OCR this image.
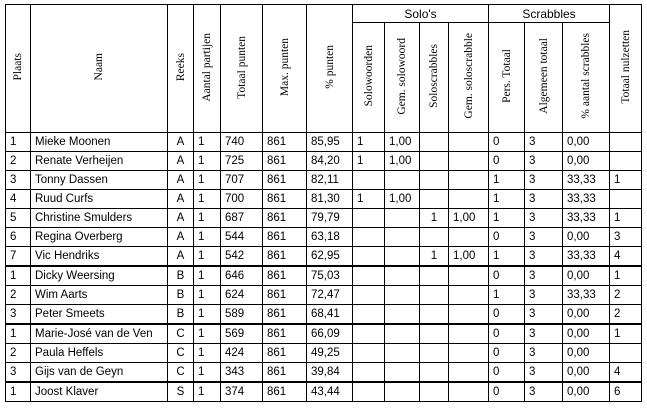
Plaats	Naam	Reeks	Aantal partijen	Totaal punten	Max. punten	% punten	Solo's				Scrabbles			Totaal nulzetten
							Solowoorden	Gem. solowoord	Soloscrabbles	Gem. soloscrabble	Pers. Totaal	Algemeen totaal	% aantal scrabbles	
1	Mieke Moonen	A	1	740	861	85,95	1	1,00			0	3	0,00	
2	Renate Verheijen	A	1	725	861	84,20	1	1,00			0	3	0,00	
3	Tonny Dassen	A	1	707	861	82,11					1	3	33,33	1
4	Ruud Curfs	A	1	700	861	81,30	1	1,00			1	3	33,33	
5	Christine Smulders	A	1	687	861	79,79			1	1,00	1	3	33,33	1
6	Regina Overberg	A	1	544	861	63,18					0	3	0,00	3
7	Vic Hendriks	A	1	542	861	62,95			1	1,00	1	3	33,33	4
1	Dicky Weersing	B	1	646	861	75,03					0	3	0,00	1
2	Wim Aarts	B	1	624	861	72,47					1	3	33,33	2
3	Peter Smeets	B	1	589	861	68,41					0	3	0,00	2
1	Marie-José van de Ven	C	1	569	861	66,09					0	3	0,00	1
2	Paula Heffels	C	1	424	861	49,25					0	3	0,00	
3	Gijs van de Geyn	C	1	343	861	39,84					0	3	0,00	4
1	Joost Klaver	S	1	374	861	43,44					0	3	0,00	6
